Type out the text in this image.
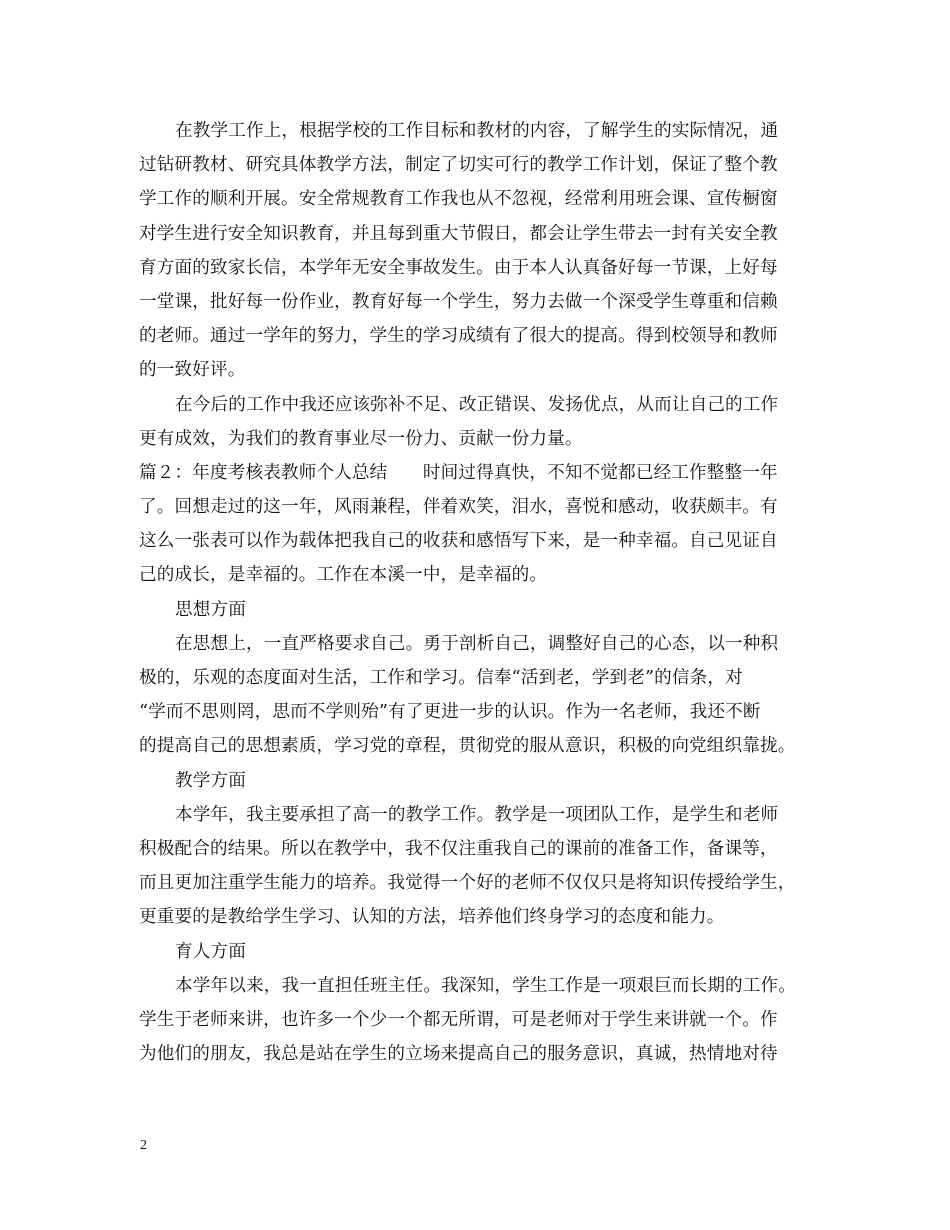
在教学工作上，根据学校的工作目标和教材的内容，了解学生的实际情况，通
过钻研教材、研究具体教学方法，制定了切实可行的教学工作计划，保证了整个教
学工作的顺利开展。安全常规教育工作我也从不忽视，经常利用班会课、宣传橱窗
对学生进行安全知识教育，并且每到重大节假日，都会让学生带去一封有关安全教
育方面的致家长信，本学年无安全事故发生。由于本人认真备好每一节课，上好每
一堂课，批好每一份作业，教育好每一个学生，努力去做一个深受学生尊重和信赖
的老师。通过一学年的努力，学生的学习成绩有了很大的提高。得到校领导和教师
的一致好评。
在今后的工作中我还应该弥补不足、改正错误、发扬优点，从而让自己的工作
更有成效，为我们的教育事业尽一份力、贡献一份力量。
篇２：年度考核表教师个人总结　　时间过得真快，不知不觉都已经工作整整一年
了。回想走过的这一年，风雨兼程，伴着欢笑，泪水，喜悦和感动，收获颇丰。有
这么一张表可以作为载体把我自己的收获和感悟写下来，是一种幸福。自己见证自
己的成长，是幸福的。工作在本溪一中，是幸福的。
思想方面
在思想上，一直严格要求自己。勇于剖析自己，调整好自己的心态，以一种积
极的，乐观的态度面对生活，工作和学习。信奉“活到老，学到老”的信条，对
“学而不思则罔，思而不学则殆”有了更进一步的认识。作为一名老师，我还不断
的提高自己的思想素质，学习党的章程，贯彻党的服从意识，积极的向党组织靠拢。
教学方面
本学年，我主要承担了高一的教学工作。教学是一项团队工作，是学生和老师
积极配合的结果。所以在教学中，我不仅注重我自己的课前的准备工作，备课等，
而且更加注重学生能力的培养。我觉得一个好的老师不仅仅只是将知识传授给学生，
更重要的是教给学生学习、认知的方法，培养他们终身学习的态度和能力。
育人方面
本学年以来，我一直担任班主任。我深知，学生工作是一项艰巨而长期的工作。
学生于老师来讲，也许多一个少一个都无所谓，可是老师对于学生来讲就一个。作
为他们的朋友，我总是站在学生的立场来提高自己的服务意识，真诚，热情地对待
2
